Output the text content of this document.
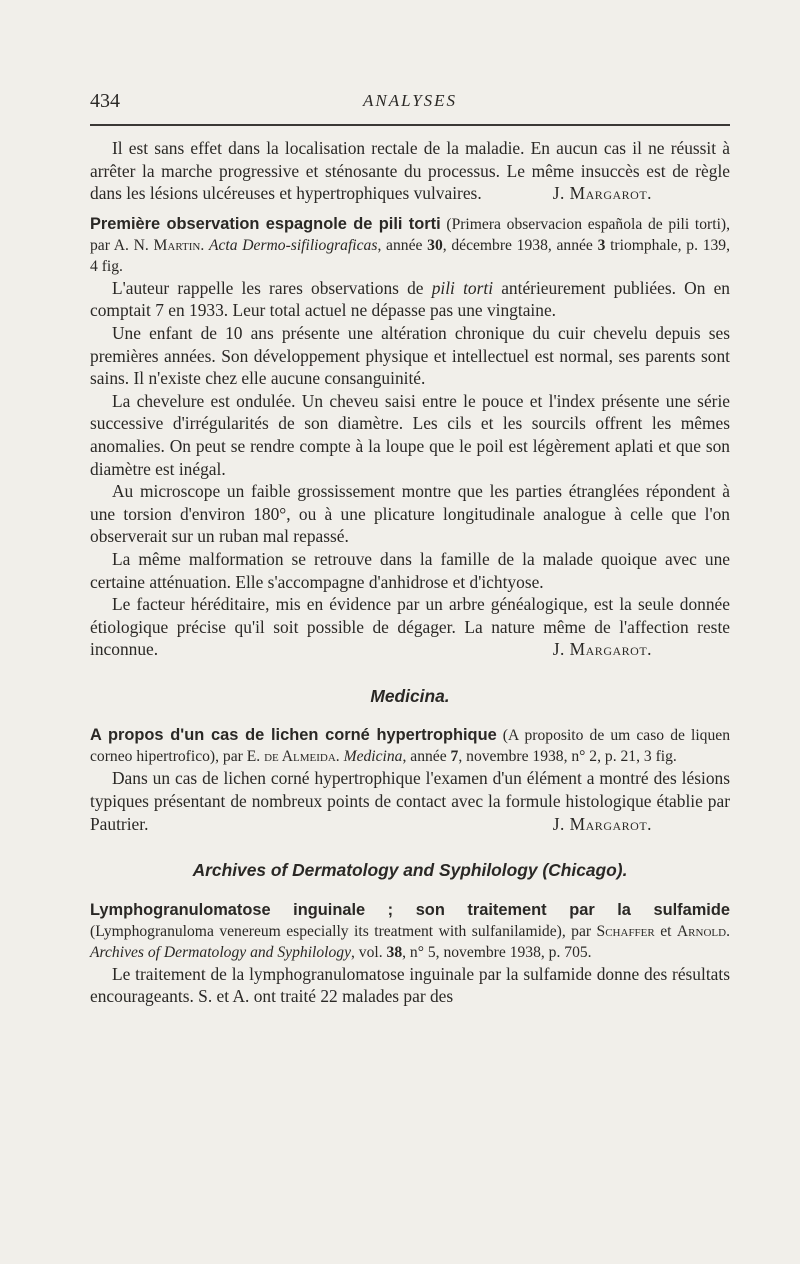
434	ANALYSES

Il est sans effet dans la localisation rectale de la maladie. En aucun cas il ne réussit à arrêter la marche progressive et sténosante du processus. Le même insuccès est de règle dans les lésions ulcéreuses et hypertrophiques vulvaires.	J. Margarot.

Première observation espagnole de pili torti (Primera observacion española de pili torti), par A. N. Martin. Acta Dermo-sifiliograficas, année 30, décembre 1938, année 3 triomphale, p. 139, 4 fig.

L'auteur rappelle les rares observations de pili torti antérieurement publiées. On en comptait 7 en 1933. Leur total actuel ne dépasse pas une vingtaine.

Une enfant de 10 ans présente une altération chronique du cuir chevelu depuis ses premières années. Son développement physique et intellectuel est normal, ses parents sont sains. Il n'existe chez elle aucune consanguinité.

La chevelure est ondulée. Un cheveu saisi entre le pouce et l'index présente une série successive d'irrégularités de son diamètre. Les cils et les sourcils offrent les mêmes anomalies. On peut se rendre compte à la loupe que le poil est légèrement aplati et que son diamètre est inégal.

Au microscope un faible grossissement montre que les parties étranglées répondent à une torsion d'environ 180°, ou à une plicature longitudinale analogue à celle que l'on observerait sur un ruban mal repassé.

La même malformation se retrouve dans la famille de la malade quoique avec une certaine atténuation. Elle s'accompagne d'anhidrose et d'ichtyose.

Le facteur héréditaire, mis en évidence par un arbre généalogique, est la seule donnée étiologique précise qu'il soit possible de dégager. La nature même de l'affection reste inconnue.	J. Margarot.

Medicina.

A propos d'un cas de lichen corné hypertrophique (A proposito de um caso de liquen corneo hipertrofico), par E. de Almeida. Medicina, année 7, novembre 1938, n° 2, p. 21, 3 fig.

Dans un cas de lichen corné hypertrophique l'examen d'un élément a montré des lésions typiques présentant de nombreux points de contact avec la formule histologique établie par Pautrier.	J. Margarot.

Archives of Dermatology and Syphilology (Chicago).

Lymphogranulomatose inguinale ; son traitement par la sulfamide (Lymphogranuloma venereum especially its treatment with sulfanilamide), par Schaffer et Arnold. Archives of Dermatology and Syphilology, vol. 38, n° 5, novembre 1938, p. 705.

Le traitement de la lymphogranulomatose inguinale par la sulfamide donne des résultats encourageants. S. et A. ont traité 22 malades par des
